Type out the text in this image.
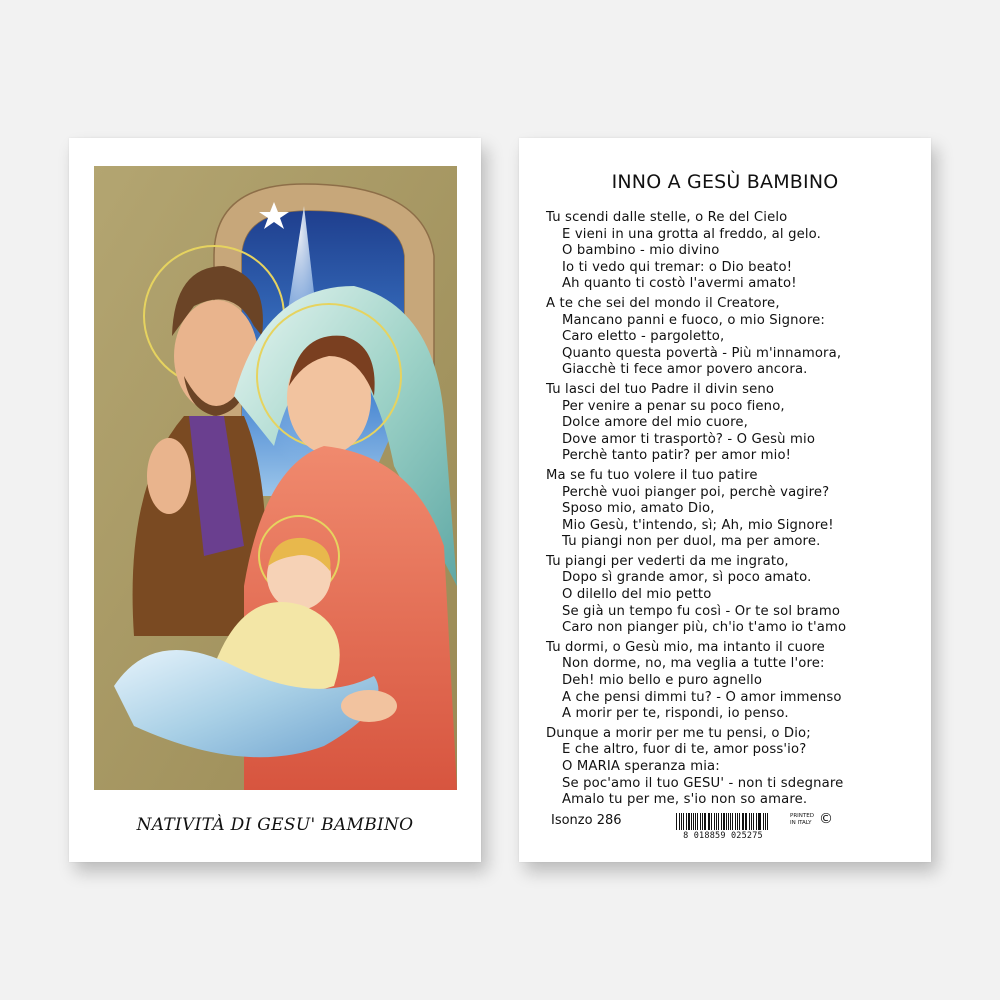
NATIVITÀ DI GESU' BAMBINO
INNO A GESÙ BAMBINO
Tu scendi dalle stelle, o Re del Cielo
E vieni in una grotta al freddo, al gelo.
O bambino - mio divino
Io ti vedo qui tremar: o Dio beato!
Ah quanto ti costò l'avermi amato!
A te che sei del mondo il Creatore,
Mancano panni e fuoco, o mio Signore:
Caro eletto - pargoletto,
Quanto questa povertà - Più m'innamora,
Giacchè ti fece amor povero ancora.
Tu lasci del tuo Padre il divin seno
Per venire a penar su poco fieno,
Dolce amore del mio cuore,
Dove amor ti trasportò? - O Gesù mio
Perchè tanto patir? per amor mio!
Ma se fu tuo volere il tuo patire
Perchè vuoi pianger poi, perchè vagire?
Sposo mio, amato Dio,
Mio Gesù, t'intendo, sì; Ah, mio Signore!
Tu piangi non per duol, ma per amore.
Tu piangi per vederti da me ingrato,
Dopo sì grande amor, sì poco amato.
O dilello del mio petto
Se già un tempo fu così - Or te sol bramo
Caro non pianger più, ch'io t'amo io t'amo
Tu dormi, o Gesù mio, ma intanto il cuore
Non dorme, no, ma veglia a tutte l'ore:
Deh! mio bello e puro agnello
A che pensi dimmi tu? - O amor immenso
A morir per te, rispondi, io penso.
Dunque a morir per me tu pensi, o Dio;
E che altro, fuor di te, amor poss'io?
O MARIA speranza mia:
Se poc'amo il tuo GESU' - non ti sdegnare
Amalo tu per me, s'io non so amare.
Isonzo 286
8 018859 025275
PRINTED
IN ITALY ©
